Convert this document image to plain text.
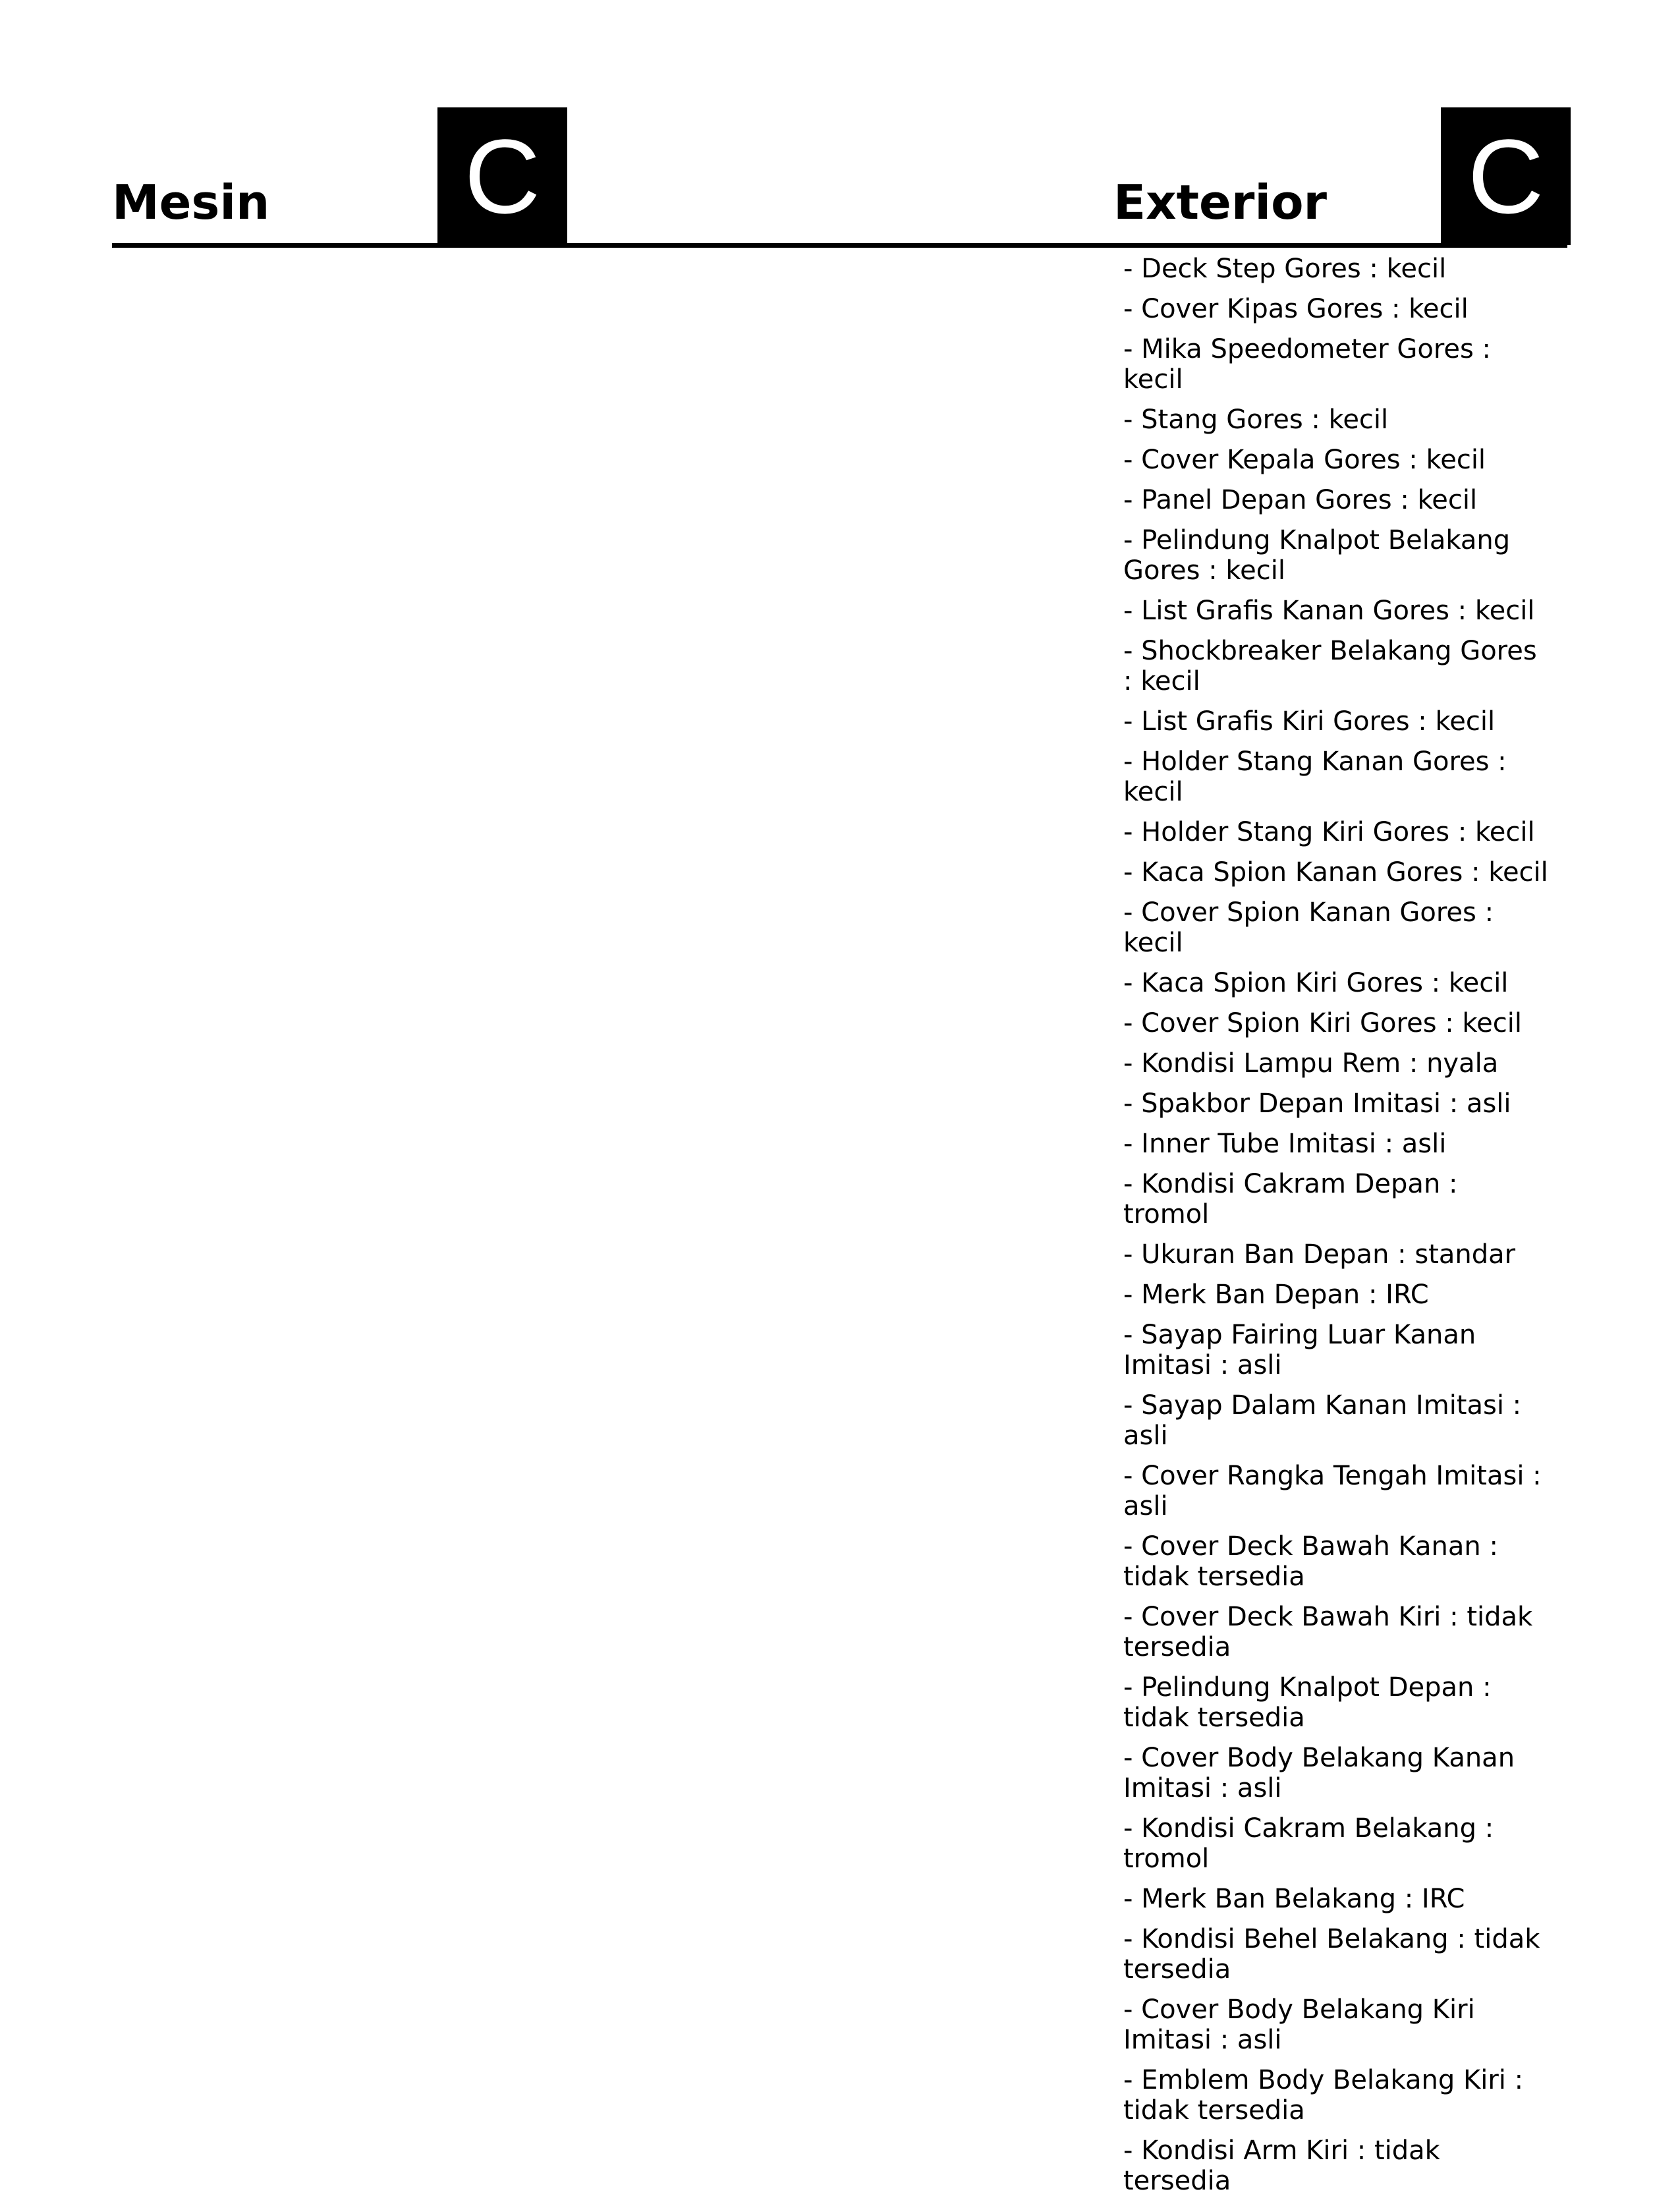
Mesin C	Exterior C
- Deck Step Gores : kecil
- Cover Kipas Gores : kecil
- Mika Speedometer Gores : kecil
- Stang Gores : kecil
- Cover Kepala Gores : kecil
- Panel Depan Gores : kecil
- Pelindung Knalpot Belakang Gores : kecil
- List Grafis Kanan Gores : kecil
- Shockbreaker Belakang Gores : kecil
- List Grafis Kiri Gores : kecil
- Holder Stang Kanan Gores : kecil
- Holder Stang Kiri Gores : kecil
- Kaca Spion Kanan Gores : kecil
- Cover Spion Kanan Gores : kecil
- Kaca Spion Kiri Gores : kecil
- Cover Spion Kiri Gores : kecil
- Kondisi Lampu Rem : nyala
- Spakbor Depan Imitasi : asli
- Inner Tube Imitasi : asli
- Kondisi Cakram Depan : tromol
- Ukuran Ban Depan : standar
- Merk Ban Depan : IRC
- Sayap Fairing Luar Kanan Imitasi : asli
- Sayap Dalam Kanan Imitasi : asli
- Cover Rangka Tengah Imitasi : asli
- Cover Deck Bawah Kanan : tidak tersedia
- Cover Deck Bawah Kiri : tidak tersedia
- Pelindung Knalpot Depan : tidak tersedia
- Cover Body Belakang Kanan Imitasi : asli
- Kondisi Cakram Belakang : tromol
- Merk Ban Belakang : IRC
- Kondisi Behel Belakang : tidak tersedia
- Cover Body Belakang Kiri Imitasi : asli
- Emblem Body Belakang Kiri : tidak tersedia
- Kondisi Arm Kiri : tidak tersedia
